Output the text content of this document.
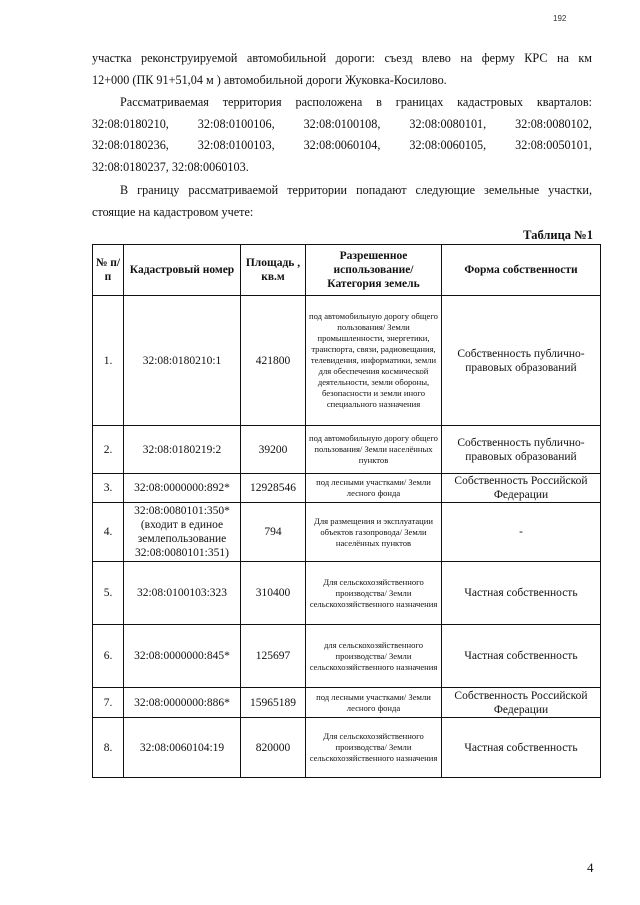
192
участка реконструируемой автомобильной дороги: съезд влево на ферму КРС на км
12+000 (ПК 91+51,04 м ) автомобильной дороги Жуковка-Косилово.
Рассматриваемая территория расположена в границах кадастровых кварталов:
32:08:0180210, 32:08:0100106, 32:08:0100108, 32:08:0080101, 32:08:0080102,
32:08:0180236, 32:08:0100103, 32:08:0060104, 32:08:0060105, 32:08:0050101,
32:08:0180237, 32:08:0060103.
В границу рассматриваемой территории попадают следующие земельные участки,
стоящие на кадастровом учете:
Таблица №1
№ п/п	Кадастровый номер	Площадь , кв.м	Разрешенное использование/ Категория земель	Форма собственности
1.	32:08:0180210:1	421800	под автомобильную дорогу общего пользования/ Земли промышленности, энергетики, транспорта, связи, радиовещания, телевидения, информатики, земли для обеспечения космической деятельности, земли обороны, безопасности и земли иного специального назначения	Собственность публично-правовых образований
2.	32:08:0180219:2	39200	под автомобильную дорогу общего пользования/ Земли населённых пунктов	Собственность публично-правовых образований
3.	32:08:0000000:892*	12928546	под лесными участками/ Земли лесного фонда	Собственность Российской Федерации
4.	32:08:0080101:350* (входит в единое землепользование 32:08:0080101:351)	794	Для размещения и эксплуатации объектов газопровода/ Земли населённых пунктов	-
5.	32:08:0100103:323	310400	Для сельскохозяйственного производства/ Земли сельскохозяйственного назначения	Частная собственность
6.	32:08:0000000:845*	125697	для сельскохозяйственного производства/ Земли сельскохозяйственного назначения	Частная собственность
7.	32:08:0000000:886*	15965189	под лесными участками/ Земли лесного фонда	Собственность Российской Федерации
8.	32:08:0060104:19	820000	Для сельскохозяйственного производства/ Земли сельскохозяйственного назначения	Частная собственность
4
